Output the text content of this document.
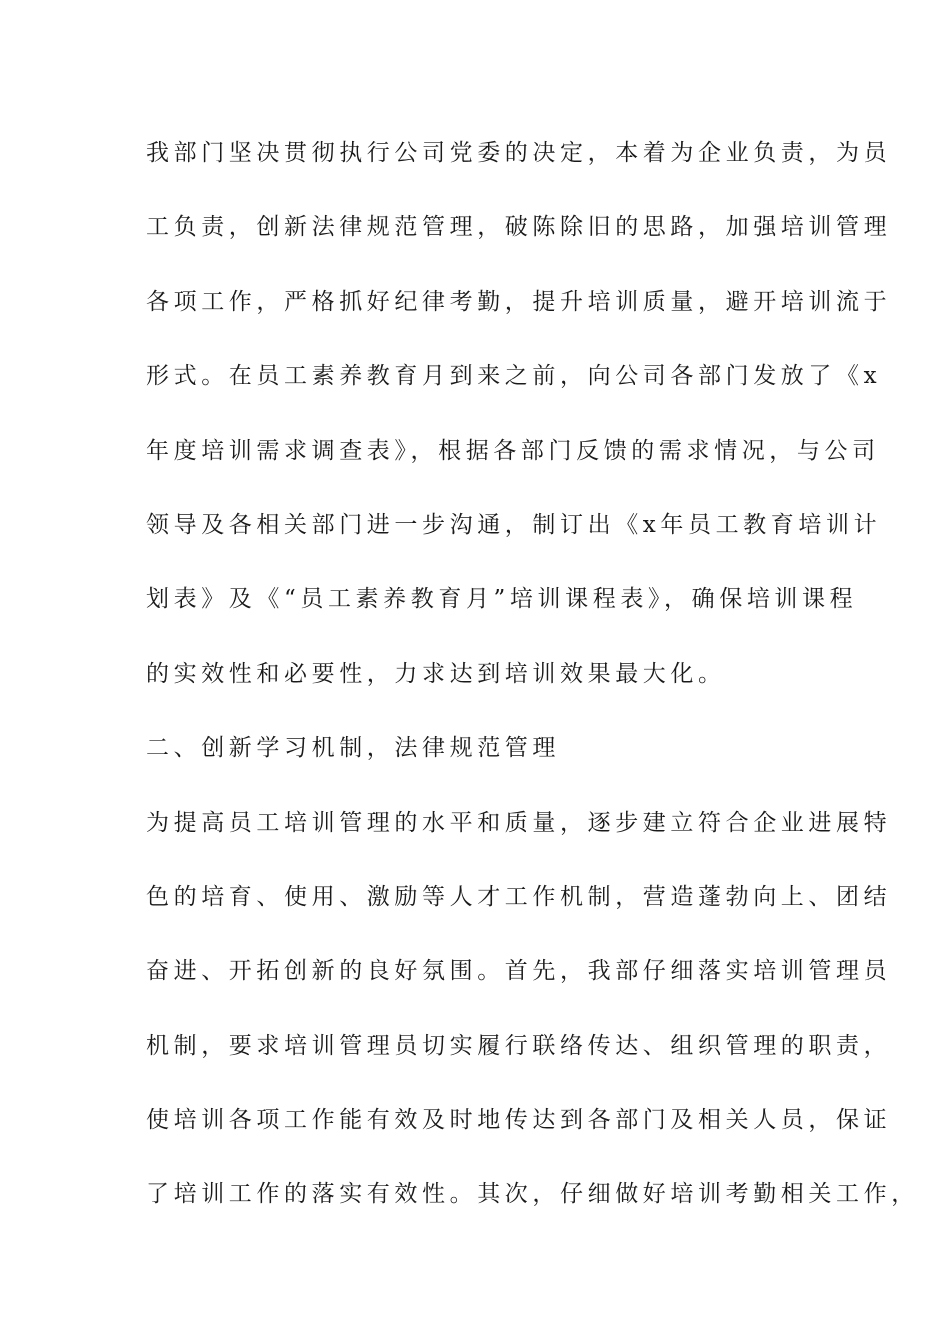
我部门坚决贯彻执行公司党委的决定，本着为企业负责，为员
工负责，创新法律规范管理，破陈除旧的思路，加强培训管理
各项工作，严格抓好纪律考勤，提升培训质量，避开培训流于
形式。在员工素养教育月到来之前，向公司各部门发放了《x
年度培训需求调查表》，根据各部门反馈的需求情况，与公司
领导及各相关部门进一步沟通，制订出《x年员工教育培训计
划表》及《“员工素养教育月”培训课程表》，确保培训课程
的实效性和必要性，力求达到培训效果最大化。
二、创新学习机制，法律规范管理
为提高员工培训管理的水平和质量，逐步建立符合企业进展特
色的培育、使用、激励等人才工作机制，营造蓬勃向上、团结
奋进、开拓创新的良好氛围。首先，我部仔细落实培训管理员
机制，要求培训管理员切实履行联络传达、组织管理的职责，
使培训各项工作能有效及时地传达到各部门及相关人员，保证
了培训工作的落实有效性。其次，仔细做好培训考勤相关工作，
